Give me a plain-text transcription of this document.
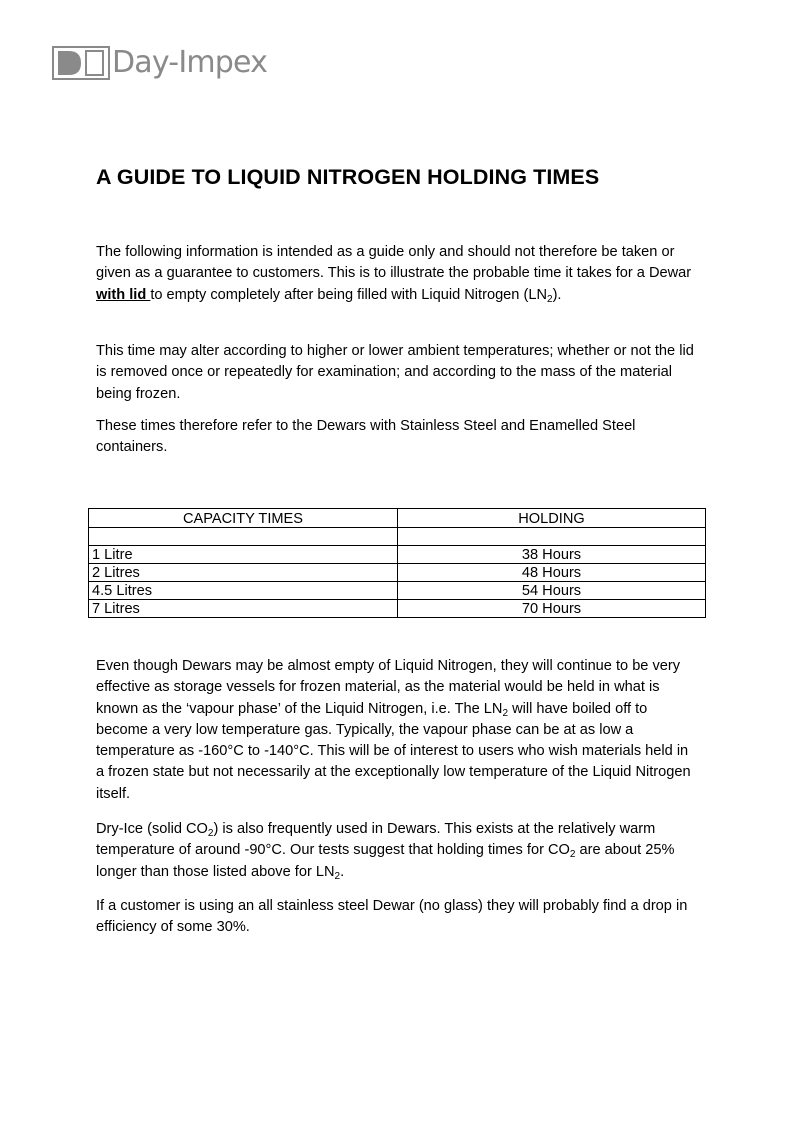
Day-Impex
A GUIDE TO LIQUID NITROGEN HOLDING TIMES

The following information is intended as a guide only and should not therefore be taken or given as a guarantee to customers. This is to illustrate the probable time it takes for a Dewar with lid to empty completely after being filled with Liquid Nitrogen $(LN_2)$.

This time may alter according to higher or lower ambient temperatures; whether or not the lid is removed once or repeatedly for examination; and according to the mass of the material being frozen.

These times therefore refer to the Dewars with Stainless Steel and Enamelled Steel containers.

CAPACITY TIMES	HOLDING

1 Litre	38 Hours
2 Litres	48 Hours
4.5 Litres	54 Hours
7 Litres	70 Hours

Even though Dewars may be almost empty of Liquid Nitrogen, they will continue to be very effective as storage vessels for frozen material, as the material would be held in what is known as the ‘vapour phase’ of the Liquid Nitrogen, i.e. The $LN_2$ will have boiled off to become a very low temperature gas. Typically, the vapour phase can be at as low a temperature as -160°C to -140°C. This will be of interest to users who wish materials held in a frozen state but not necessarily at the exceptionally low temperature of the Liquid Nitrogen itself.

Dry-Ice (solid $CO_2$) is also frequently used in Dewars. This exists at the relatively warm temperature of around -90°C. Our tests suggest that holding times for $CO_2$ are about 25% longer than those listed above for $LN_2$.

If a customer is using an all stainless steel Dewar (no glass) they will probably find a drop in efficiency of some 30%.
